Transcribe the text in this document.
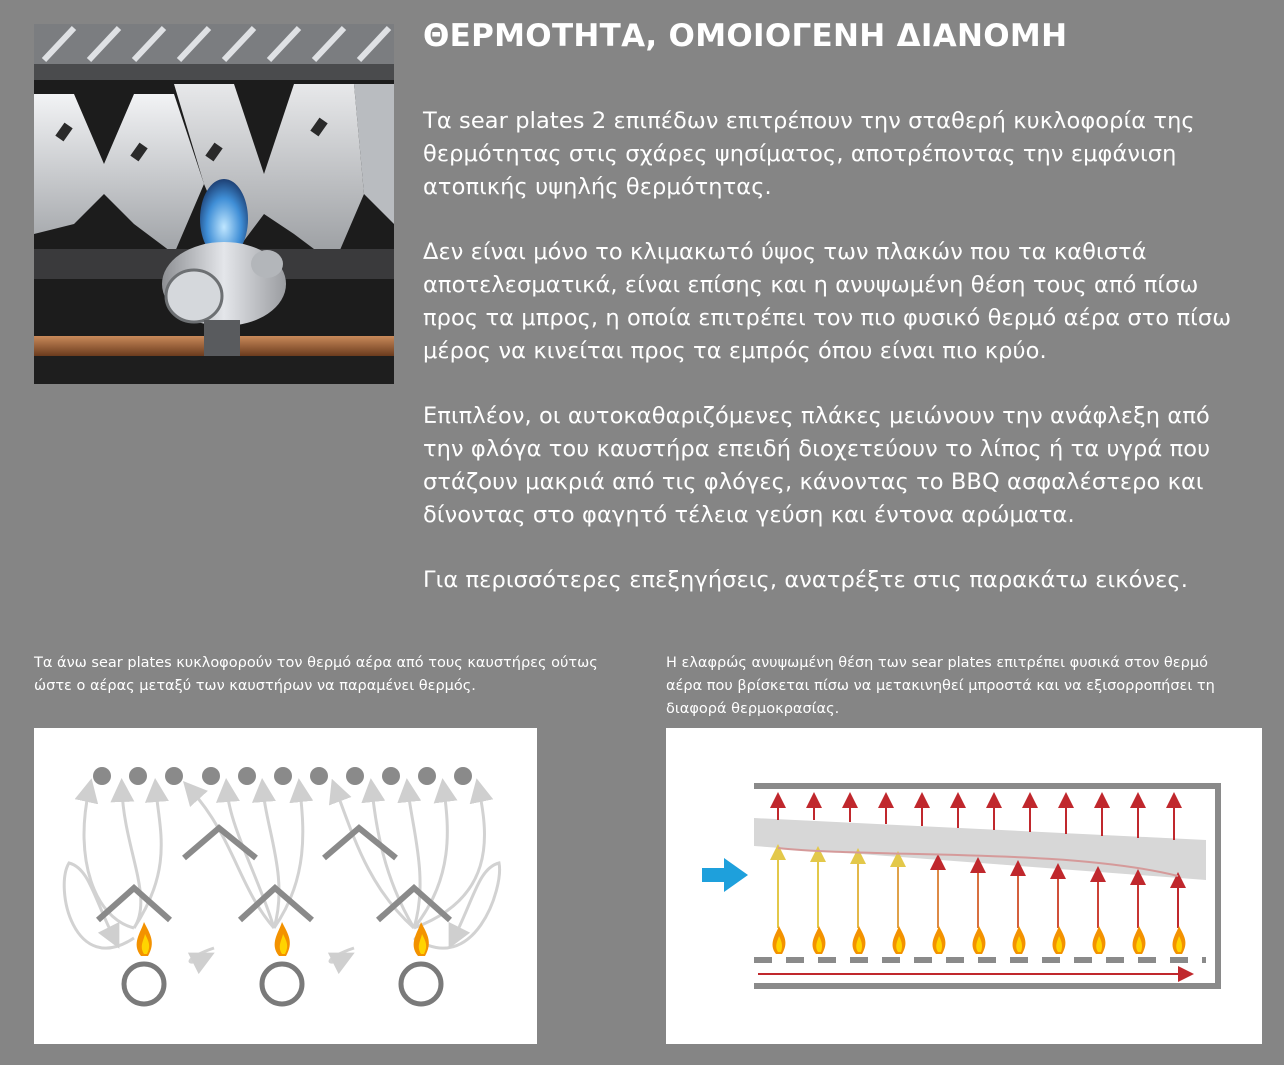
ΘΕΡΜΟΤΗΤΑ, ΟΜΟΙΟΓΕΝΗ ΔΙΑΝΟΜΗ

Τα sear plates 2 επιπέδων επιτρέπουν την σταθερή κυκλοφορία της θερμότητας στις σχάρες ψησίματος, αποτρέποντας την εμφάνιση ατοπικής υψηλής θερμότητας.

Δεν είναι μόνο το κλιμακωτό ύψος των πλακών που τα καθιστά αποτελεσματικά, είναι επίσης και η ανυψωμένη θέση τους από πίσω προς τα μπρος, η οποία επιτρέπει τον πιο φυσικό θερμό αέρα στο πίσω μέρος να κινείται προς τα εμπρός όπου είναι πιο κρύο.

Επιπλέον, οι αυτοκαθαριζόμενες πλάκες μειώνουν την ανάφλεξη από την φλόγα του καυστήρα επειδή διοχετεύουν το λίπος ή τα υγρά που στάζουν μακριά από τις φλόγες, κάνοντας το BBQ ασφαλέστερο και δίνοντας στο φαγητό τέλεια γεύση και έντονα αρώματα.

Για περισσότερες επεξηγήσεις, ανατρέξτε στις παρακάτω εικόνες.

Τα άνω sear plates κυκλοφορούν τον θερμό αέρα από τους καυστήρες ούτως ώστε ο αέρας μεταξύ των καυστήρων να παραμένει θερμός.
Η ελαφρώς ανυψωμένη θέση των sear plates επιτρέπει φυσικά στον θερμό αέρα που βρίσκεται πίσω να μετακινηθεί μπροστά και να εξισορροπήσει τη διαφορά θερμοκρασίας.
